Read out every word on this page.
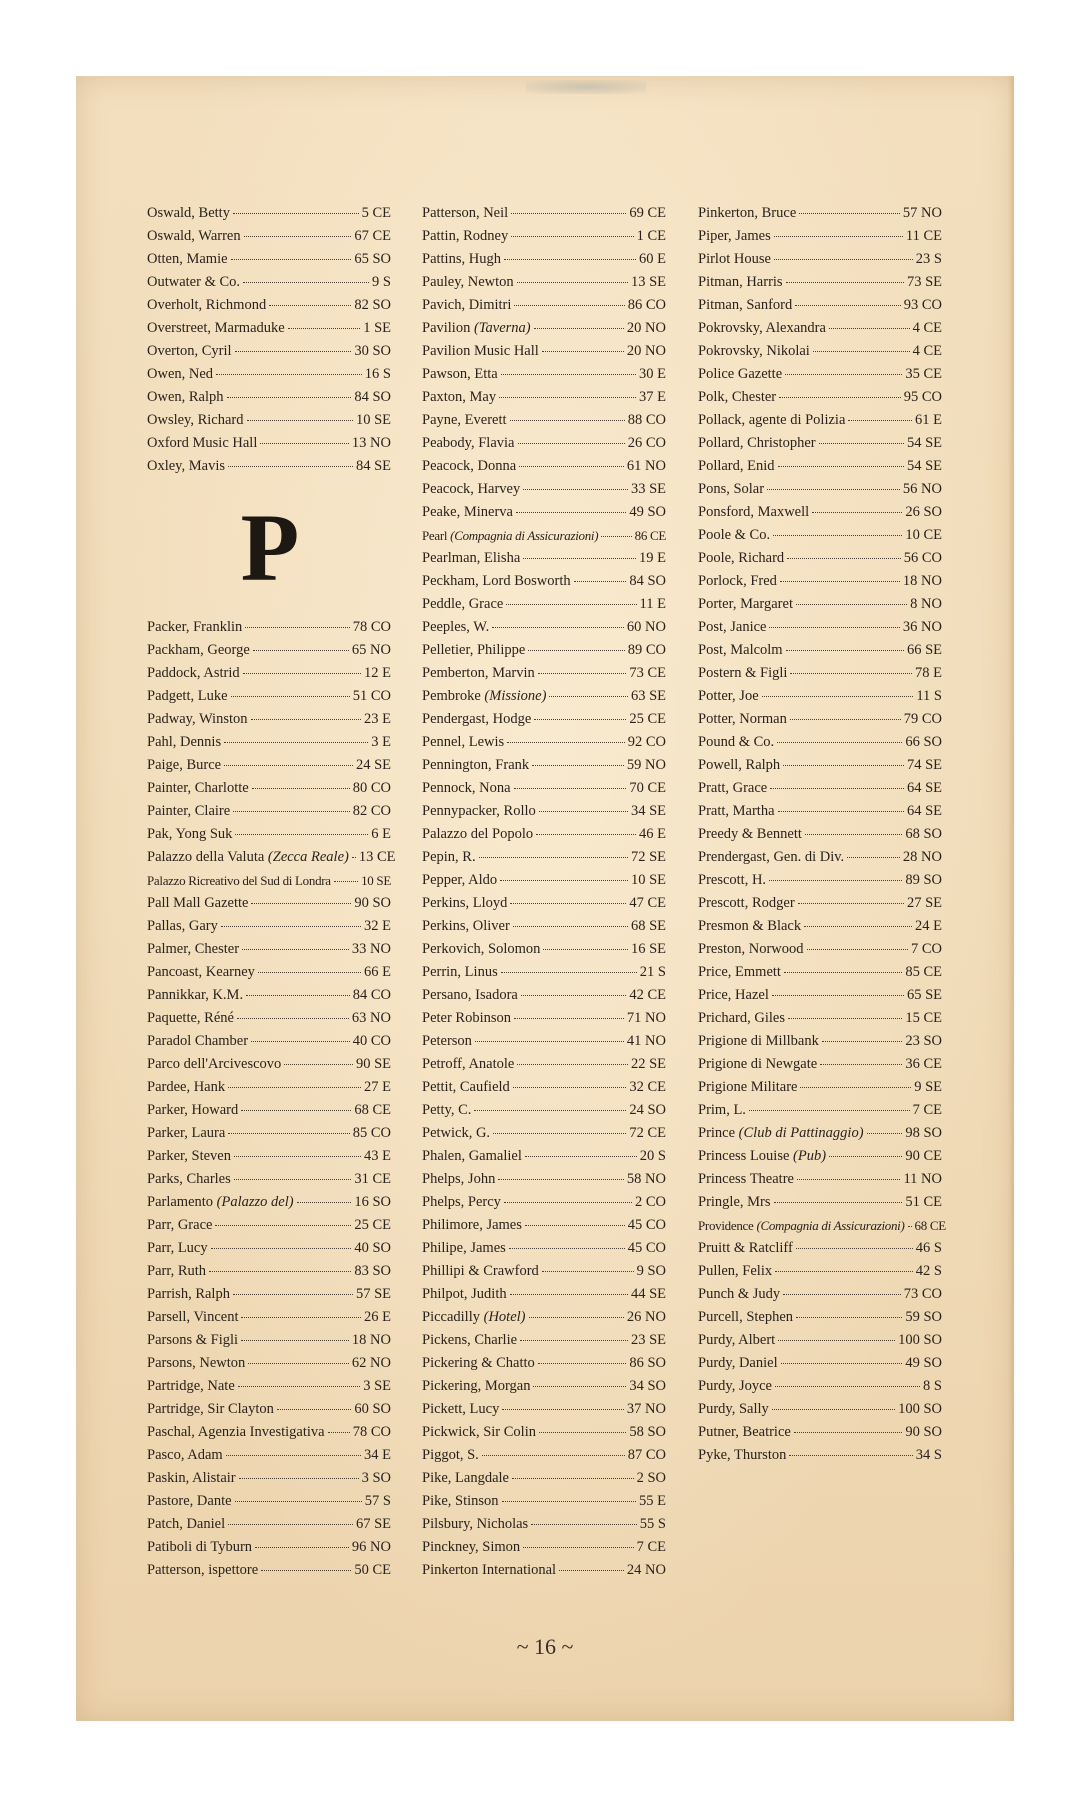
Oswald, Betty	5 CE
Oswald, Warren	67 CE
Otten, Mamie	65 SO
Outwater & Co.	9 S
Overholt, Richmond	82 SO
Overstreet, Marmaduke	1 SE
Overton, Cyril	30 SO
Owen, Ned	16 S
Owen, Ralph	84 SO
Owsley, Richard	10 SE
Oxford Music Hall	13 NO
Oxley, Mavis	84 SE
P
Packer, Franklin	78 CO
Packham, George	65 NO
Paddock, Astrid	12 E
Padgett, Luke	51 CO
Padway, Winston	23 E
Pahl, Dennis	3 E
Paige, Burce	24 SE
Painter, Charlotte	80 CO
Painter, Claire	82 CO
Pak, Yong Suk	6 E
Palazzo della Valuta (Zecca Reale) 13 CE
Palazzo Ricreativo del Sud di Londra 10 SE
Pall Mall Gazette	90 SO
Pallas, Gary	32 E
Palmer, Chester	33 NO
Pancoast, Kearney	66 E
Pannikkar, K.M.	84 CO
Paquette, Réné	63 NO
Paradol Chamber	40 CO
Parco dell'Arcivescovo	90 SE
Pardee, Hank	27 E
Parker, Howard	68 CE
Parker, Laura	85 CO
Parker, Steven	43 E
Parks, Charles	31 CE
Parlamento (Palazzo del)	16 SO
Parr, Grace	25 CE
Parr, Lucy	40 SO
Parr, Ruth	83 SO
Parrish, Ralph	57 SE
Parsell, Vincent	26 E
Parsons & Figli	18 NO
Parsons, Newton	62 NO
Partridge, Nate	3 SE
Partridge, Sir Clayton	60 SO
Paschal, Agenzia Investigativa 78 CO
Pasco, Adam	34 E
Paskin, Alistair	3 SO
Pastore, Dante	57 S
Patch, Daniel	67 SE
Patiboli di Tyburn	96 NO
Patterson, ispettore	50 CE
Patterson, Neil	69 CE
Pattin, Rodney	1 CE
Pattins, Hugh	60 E
Pauley, Newton	13 SE
Pavich, Dimitri	86 CO
Pavilion (Taverna)	20 NO
Pavilion Music Hall	20 NO
Pawson, Etta	30 E
Paxton, May	37 E
Payne, Everett	88 CO
Peabody, Flavia	26 CO
Peacock, Donna	61 NO
Peacock, Harvey	33 SE
Peake, Minerva	49 SO
Pearl (Compagnia di Assicurazioni)	86 CE
Pearlman, Elisha	19 E
Peckham, Lord Bosworth	84 SO
Peddle, Grace	11 E
Peeples, W.	60 NO
Pelletier, Philippe	89 CO
Pemberton, Marvin	73 CE
Pembroke (Missione)	63 SE
Pendergast, Hodge	25 CE
Pennel, Lewis	92 CO
Pennington, Frank	59 NO
Pennock, Nona	70 CE
Pennypacker, Rollo	34 SE
Palazzo del Popolo	46 E
Pepin, R.	72 SE
Pepper, Aldo	10 SE
Perkins, Lloyd	47 CE
Perkins, Oliver	68 SE
Perkovich, Solomon	16 SE
Perrin, Linus	21 S
Persano, Isadora	42 CE
Peter Robinson	71 NO
Peterson	41 NO
Petroff, Anatole	22 SE
Pettit, Caufield	32 CE
Petty, C.	24 SO
Petwick, G.	72 CE
Phalen, Gamaliel	20 S
Phelps, John	58 NO
Phelps, Percy	2 CO
Philimore, James	45 CO
Philipe, James	45 CO
Phillipi & Crawford	9 SO
Philpot, Judith	44 SE
Piccadilly (Hotel)	26 NO
Pickens, Charlie	23 SE
Pickering & Chatto	86 SO
Pickering, Morgan	34 SO
Pickett, Lucy	37 NO
Pickwick, Sir Colin	58 SO
Piggot, S.	87 CO
Pike, Langdale	2 SO
Pike, Stinson	55 E
Pilsbury, Nicholas	55 S
Pinckney, Simon	7 CE
Pinkerton International	24 NO
Pinkerton, Bruce	57 NO
Piper, James	11 CE
Pirlot House	23 S
Pitman, Harris	73 SE
Pitman, Sanford	93 CO
Pokrovsky, Alexandra	4 CE
Pokrovsky, Nikolai	4 CE
Police Gazette	35 CE
Polk, Chester	95 CO
Pollack, agente di Polizia	61 E
Pollard, Christopher	54 SE
Pollard, Enid	54 SE
Pons, Solar	56 NO
Ponsford, Maxwell	26 SO
Poole & Co.	10 CE
Poole, Richard	56 CO
Porlock, Fred	18 NO
Porter, Margaret	8 NO
Post, Janice	36 NO
Post, Malcolm	66 SE
Postern & Figli	78 E
Potter, Joe	11 S
Potter, Norman	79 CO
Pound & Co.	66 SO
Powell, Ralph	74 SE
Pratt, Grace	64 SE
Pratt, Martha	64 SE
Preedy & Bennett	68 SO
Prendergast, Gen. di Div.	28 NO
Prescott, H.	89 SO
Prescott, Rodger	27 SE
Presmon & Black	24 E
Preston, Norwood	7 CO
Price, Emmett	85 CE
Price, Hazel	65 SE
Prichard, Giles	15 CE
Prigione di Millbank	23 SO
Prigione di Newgate	36 CE
Prigione Militare	9 SE
Prim, L.	7 CE
Prince (Club di Pattinaggio)	98 SO
Princess Louise (Pub)	90 CE
Princess Theatre	11 NO
Pringle, Mrs	51 CE
Providence (Compagnia di Assicurazioni) 68 CE
Pruitt & Ratcliff	46 S
Pullen, Felix	42 S
Punch & Judy	73 CO
Purcell, Stephen	59 SO
Purdy, Albert	100 SO
Purdy, Daniel	49 SO
Purdy, Joyce	8 S
Purdy, Sally	100 SO
Putner, Beatrice	90 SO
Pyke, Thurston	34 S
~ 16 ~
